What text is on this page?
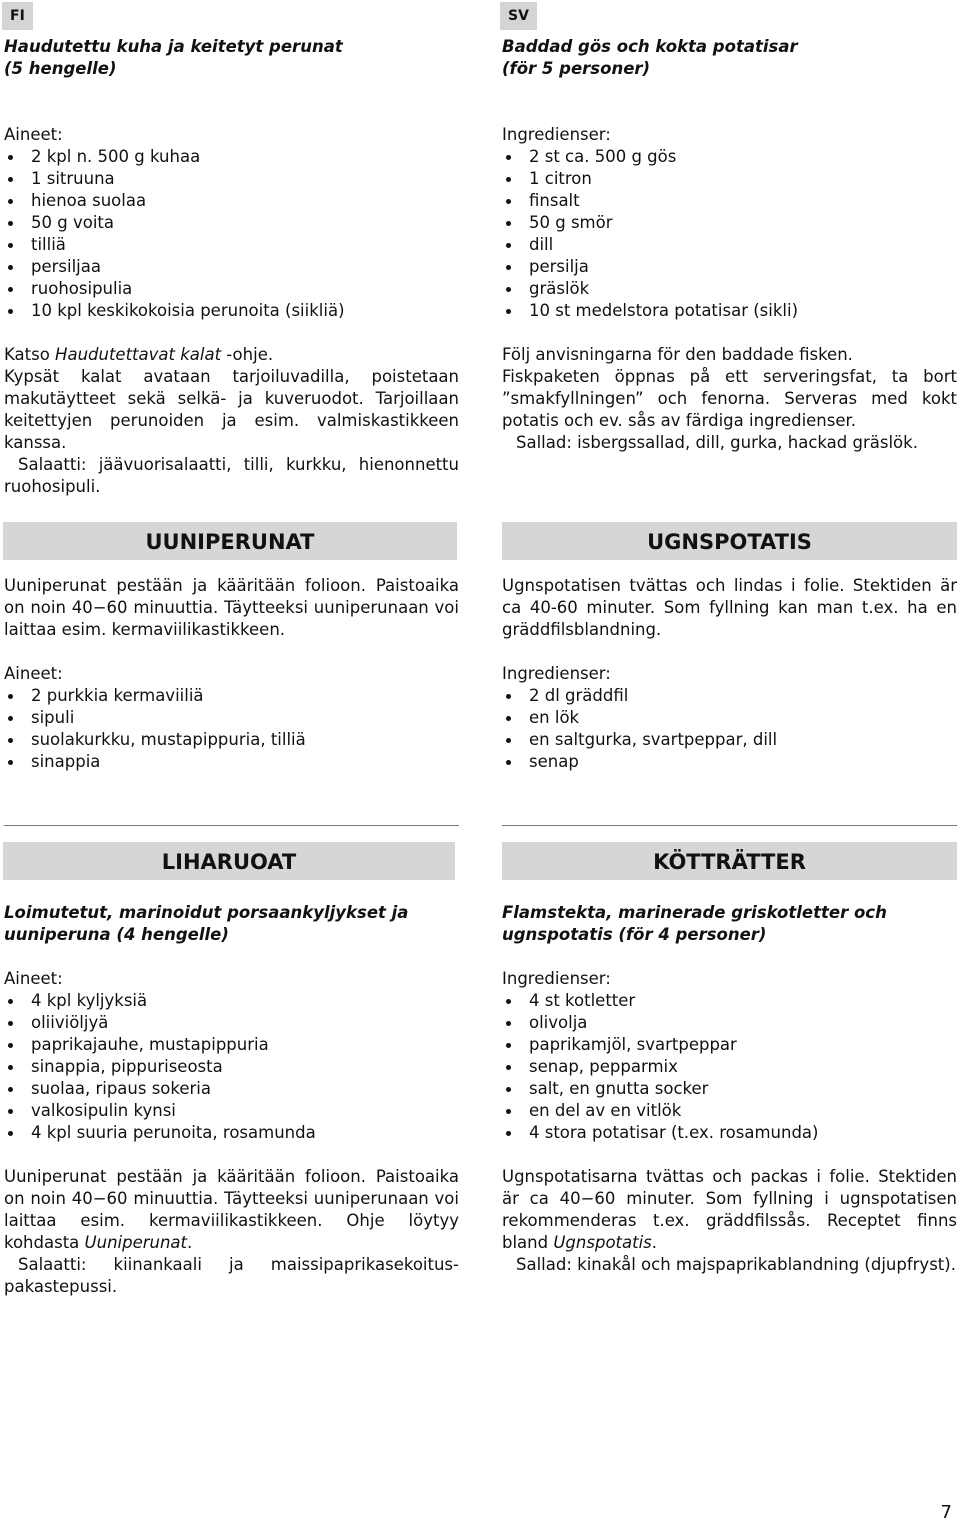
FI

Haudutettu kuha ja keitetyt perunat

(5 hengelle)

Aineet:

2 kpl n. 500 g kuhaa
1 sitruuna
hienoa suolaa
50 g voita
tilliä
persiljaa
ruohosipulia
10 kpl keskikokoisia perunoita (siikliä)

Katso Haudutettavat kalat -ohje.

Kypsät kalat avataan tarjoiluvadilla, poistetaan makutäytteet sekä selkä- ja kuveruodot. Tarjoillaan keitettyjen perunoiden ja esim. valmiskastikkeen kanssa.

Salaatti: jäävuorisalaatti, tilli, kurkku, hienonnettu ruohosipuli.

UUNIPERUNAT

Uuniperunat pestään ja kääritään folioon. Paistoaika on noin 40−60 minuuttia. Täytteeksi uuniperunaan voi laittaa esim. kermaviilikastikkeen.

Aineet:

2 purkkia kermaviiliä
sipuli
suolakurkku, mustapippuria, tilliä
sinappia
LIHARUOAT

Loimutetut, marinoidut porsaankyljykset ja

uuniperuna (4 hengelle)

Aineet:

4 kpl kyljyksiä
oliiviöljyä
paprikajauhe, mustapippuria
sinappia, pippuriseosta
suolaa, ripaus sokeria
valkosipulin kynsi
4 kpl suuria perunoita, rosamunda

Uuniperunat pestään ja kääritään folioon. Paistoaika on noin 40−60 minuuttia. Täytteeksi uuniperunaan voi laittaa esim. kermaviilikastikkeen. Ohje löytyy kohdasta Uuniperunat.

Salaatti: kiinankaali ja maissipaprikasekoituspakastepussi.

SV

Baddad gös och kokta potatisar

(för 5 personer)

Ingredienser:

2 st ca. 500 g gös
1 citron
finsalt
50 g smör
dill
persilja
gräslök
10 st medelstora potatisar (sikli)

Följ anvisningarna för den baddade fisken.

Fiskpaketen öppnas på ett serveringsfat, ta bort ”smakfyllningen” och fenorna. Serveras med kokt potatis och ev. sås av färdiga ingredienser.

Sallad: isbergssallad, dill, gurka, hackad gräslök.

UGNSPOTATIS

Ugnspotatisen tvättas och lindas i folie. Stektiden är ca 40-60 minuter. Som fyllning kan man t.ex. ha en gräddfilsblandning.

Ingredienser:

2 dl gräddfil
en lök
en saltgurka, svartpeppar, dill
senap
KÖTTRÄTTER

Flamstekta, marinerade griskotletter och

ugnspotatis (för 4 personer)

Ingredienser:

4 st kotletter
olivolja
paprikamjöl, svartpeppar
senap, pepparmix
salt, en gnutta socker
en del av en vitlök
4 stora potatisar (t.ex. rosamunda)

Ugnspotatisarna tvättas och packas i folie. Stektiden är ca 40−60 minuter. Som fyllning i ugnspotatisen rekommenderas t.ex. gräddfilssås. Receptet finns bland Ugnspotatis.

Sallad: kinakål och majspaprikablandning (djupfryst).

7
